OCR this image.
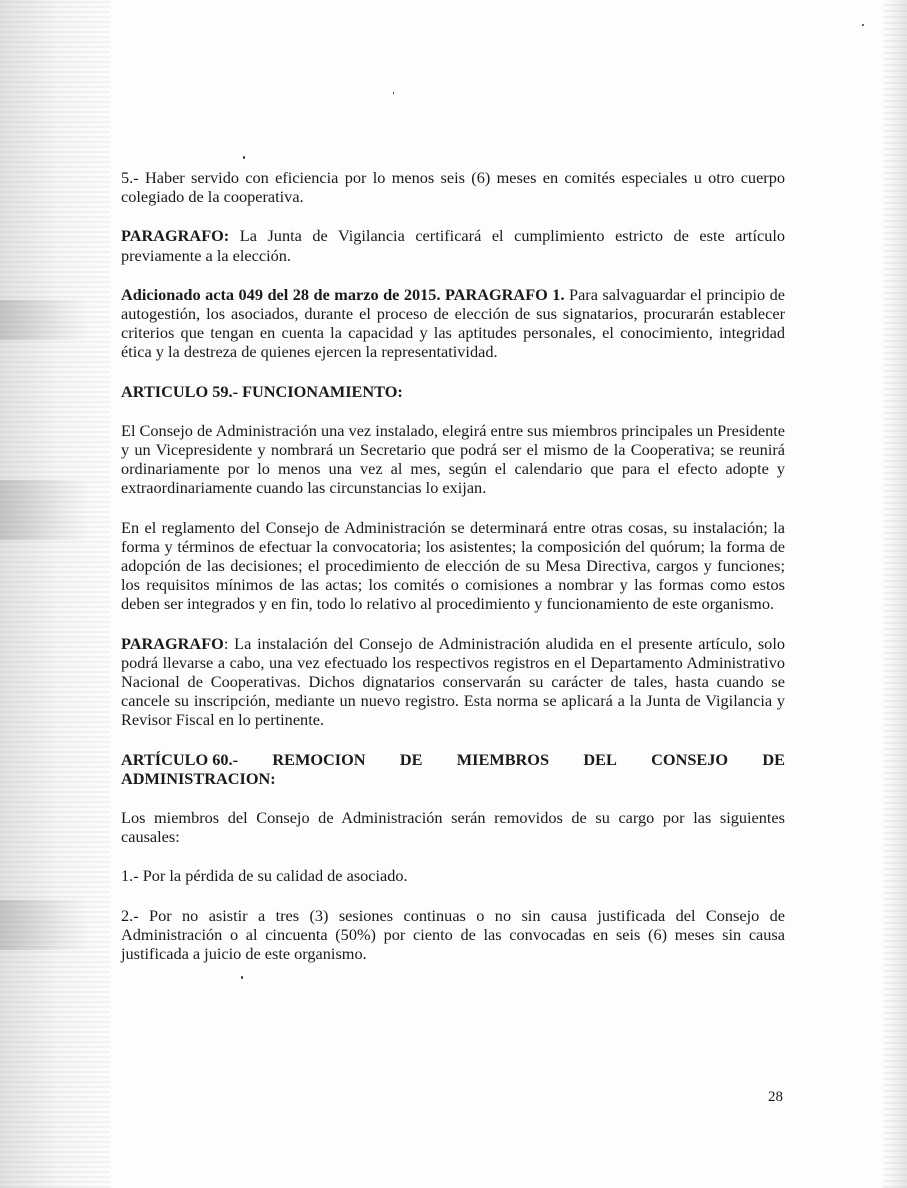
5.- Haber servido con eficiencia por lo menos seis (6) meses en comités especiales u otro cuerpo colegiado de la cooperativa.

PARAGRAFO: La Junta de Vigilancia certificará el cumplimiento estricto de este artículo previamente a la elección.

Adicionado acta 049 del 28 de marzo de 2015. PARAGRAFO 1. Para salvaguardar el principio de autogestión, los asociados, durante el proceso de elección de sus signatarios, procurarán establecer criterios que tengan en cuenta la capacidad y las aptitudes personales, el conocimiento, integridad ética y la destreza de quienes ejercen la representatividad.

ARTICULO 59.- FUNCIONAMIENTO:

El Consejo de Administración una vez instalado, elegirá entre sus miembros principales un Presidente y un Vicepresidente y nombrará un Secretario que podrá ser el mismo de la Cooperativa; se reunirá ordinariamente por lo menos una vez al mes, según el calendario que para el efecto adopte y extraordinariamente cuando las circunstancias lo exijan.

En el reglamento del Consejo de Administración se determinará entre otras cosas, su instalación; la forma y términos de efectuar la convocatoria; los asistentes; la composición del quórum; la forma de adopción de las decisiones; el procedimiento de elección de su Mesa Directiva, cargos y funciones; los requisitos mínimos de las actas; los comités o comisiones a nombrar y las formas como estos deben ser integrados y en fin, todo lo relativo al procedimiento y funcionamiento de este organismo.

PARAGRAFO: La instalación del Consejo de Administración aludida en el presente artículo, solo podrá llevarse a cabo, una vez efectuado los respectivos registros en el Departamento Administrativo Nacional de Cooperativas. Dichos dignatarios conservarán su carácter de tales, hasta cuando se cancele su inscripción, mediante un nuevo registro. Esta norma se aplicará a la Junta de Vigilancia y Revisor Fiscal en lo pertinente.

ARTÍCULO 60.- REMOCION DE MIEMBROS DEL CONSEJO DE
ADMINISTRACION:

Los miembros del Consejo de Administración serán removidos de su cargo por las siguientes causales:

1.- Por la pérdida de su calidad de asociado.

2.- Por no asistir a tres (3) sesiones continuas o no sin causa justificada del Consejo de Administración o al cincuenta (50%) por ciento de las convocadas en seis (6) meses sin causa justificada a juicio de este organismo.

28
